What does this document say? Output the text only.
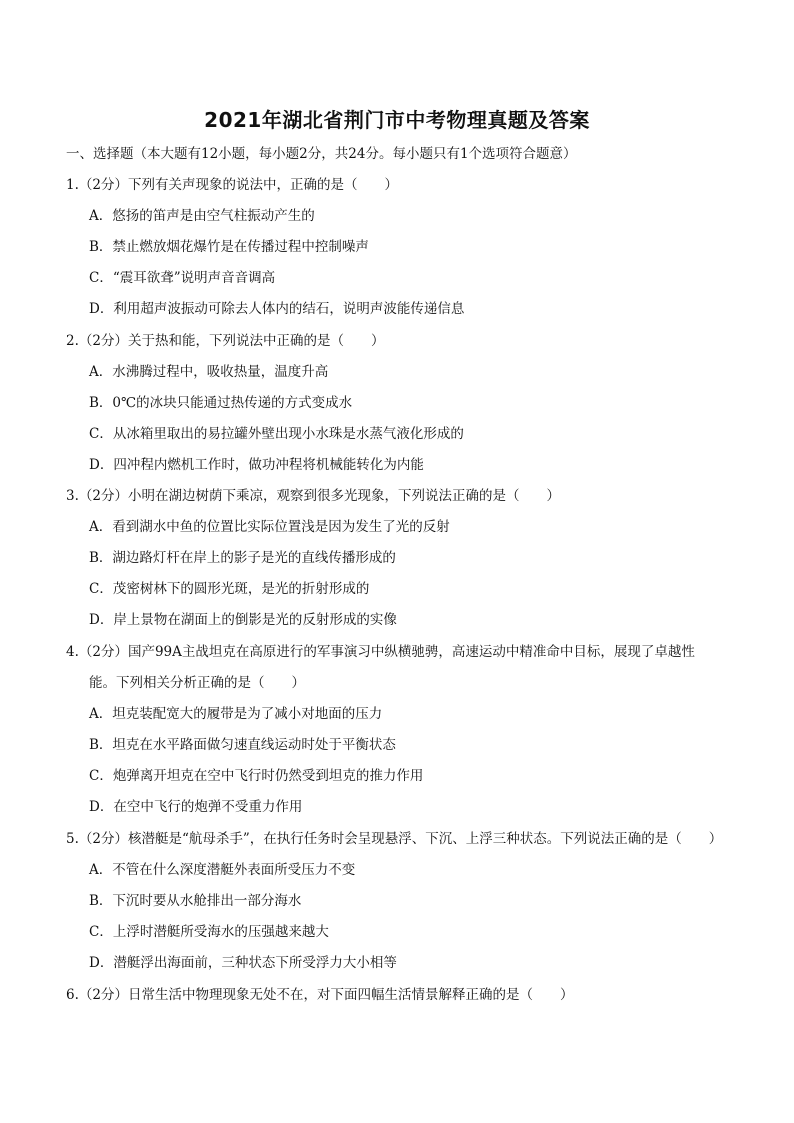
2021年湖北省荆门市中考物理真题及答案
一、选择题（本大题有12小题，每小题2分，共24分。每小题只有1个选项符合题意）
1.（2分）下列有关声现象的说法中，正确的是（　　）
A．悠扬的笛声是由空气柱振动产生的
B．禁止燃放烟花爆竹是在传播过程中控制噪声
C．“震耳欲聋”说明声音音调高
D．利用超声波振动可除去人体内的结石，说明声波能传递信息
2.（2分）关于热和能，下列说法中正确的是（　　）
A．水沸腾过程中，吸收热量，温度升高
B．0℃的冰块只能通过热传递的方式变成水
C．从冰箱里取出的易拉罐外壁出现小水珠是水蒸气液化形成的
D．四冲程内燃机工作时，做功冲程将机械能转化为内能
3.（2分）小明在湖边树荫下乘凉，观察到很多光现象，下列说法正确的是（　　）
A．看到湖水中鱼的位置比实际位置浅是因为发生了光的反射
B．湖边路灯杆在岸上的影子是光的直线传播形成的
C．茂密树林下的圆形光斑，是光的折射形成的
D．岸上景物在湖面上的倒影是光的反射形成的实像
4.（2分）国产99A主战坦克在高原进行的军事演习中纵横驰骋，高速运动中精准命中目标，展现了卓越性
能。下列相关分析正确的是（　　）
A．坦克装配宽大的履带是为了减小对地面的压力
B．坦克在水平路面做匀速直线运动时处于平衡状态
C．炮弹离开坦克在空中飞行时仍然受到坦克的推力作用
D．在空中飞行的炮弹不受重力作用
5.（2分）核潜艇是“航母杀手”，在执行任务时会呈现悬浮、下沉、上浮三种状态。下列说法正确的是（　　）
A．不管在什么深度潜艇外表面所受压力不变
B．下沉时要从水舱排出一部分海水
C．上浮时潜艇所受海水的压强越来越大
D．潜艇浮出海面前，三种状态下所受浮力大小相等
6.（2分）日常生活中物理现象无处不在，对下面四幅生活情景解释正确的是（　　）
